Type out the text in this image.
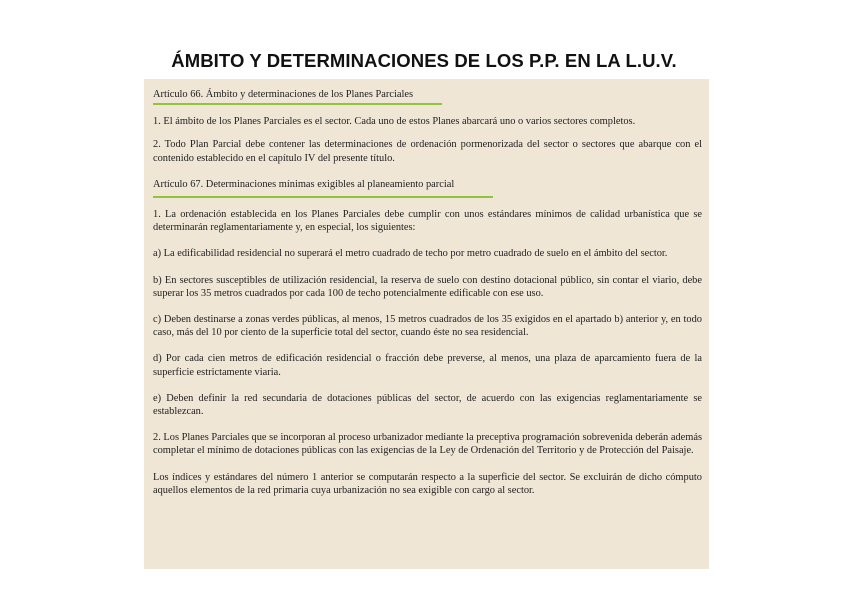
ÁMBITO Y DETERMINACIONES DE LOS P.P. EN LA L.U.V.

Artículo 66. Ámbito y determinaciones de los Planes Parciales

1. El ámbito de los Planes Parciales es el sector. Cada uno de estos Planes abarcará uno o varios sectores completos.

2. Todo Plan Parcial debe contener las determinaciones de ordenación pormenorizada del sector o sectores que abarque con el contenido establecido en el capítulo IV del presente título.

Artículo 67. Determinaciones mínimas exigibles al planeamiento parcial

1. La ordenación establecida en los Planes Parciales debe cumplir con unos estándares mínimos de calidad urbanística que se determinarán reglamentariamente y, en especial, los siguientes:

a) La edificabilidad residencial no superará el metro cuadrado de techo por metro cuadrado de suelo en el ámbito del sector.

b) En sectores susceptibles de utilización residencial, la reserva de suelo con destino dotacional público, sin contar el viario, debe superar los 35 metros cuadrados por cada 100 de techo potencialmente edificable con ese uso.

c) Deben destinarse a zonas verdes públicas, al menos, 15 metros cuadrados de los 35 exigidos en el apartado b) anterior y, en todo caso, más del 10 por ciento de la superficie total del sector, cuando éste no sea residencial.

d) Por cada cien metros de edificación residencial o fracción debe preverse, al menos, una plaza de aparcamiento fuera de la superficie estrictamente viaria.

e) Deben definir la red secundaria de dotaciones públicas del sector, de acuerdo con las exigencias reglamentariamente se establezcan.

2. Los Planes Parciales que se incorporan al proceso urbanizador mediante la preceptiva programación sobrevenida deberán además completar el mínimo de dotaciones públicas con las exigencias de la Ley de Ordenación del Territorio y de Protección del Paisaje.

Los índices y estándares del número 1 anterior se computarán respecto a la superficie del sector. Se excluirán de dicho cómputo aquellos elementos de la red primaria cuya urbanización no sea exigible con cargo al sector.
